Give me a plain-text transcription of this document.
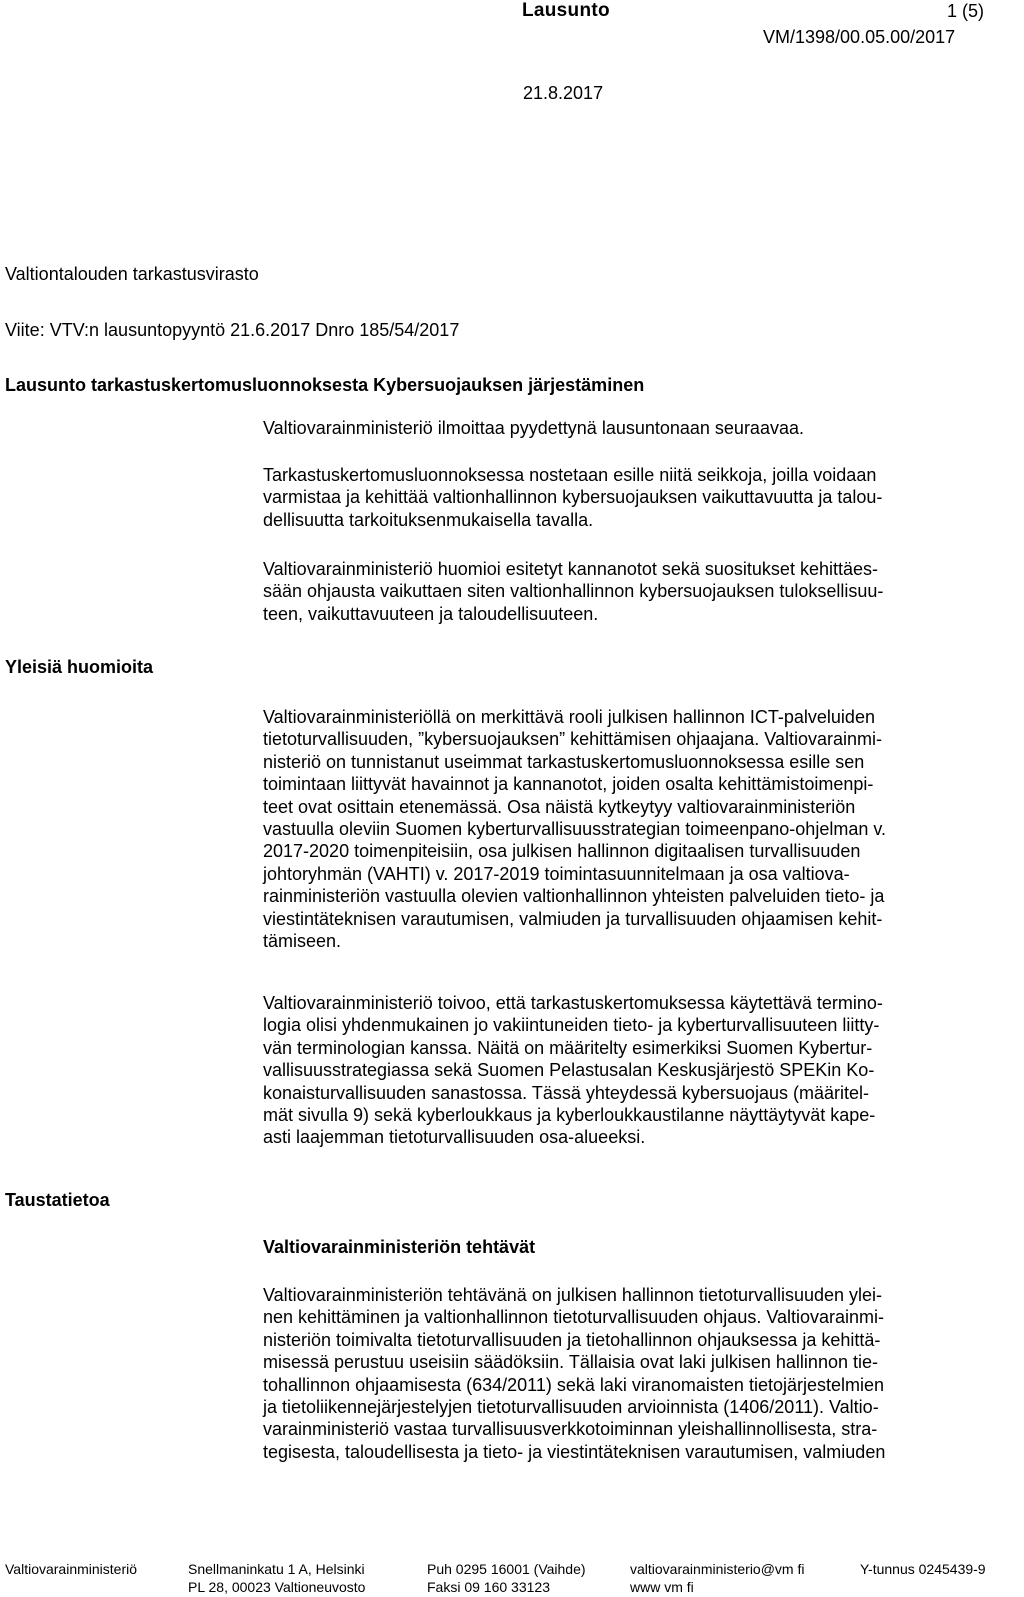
Lausunto	1 (5)
VM/1398/00.05.00/2017
21.8.2017
Valtiontalouden tarkastusvirasto
Viite: VTV:n lausuntopyyntö 21.6.2017 Dnro 185/54/2017
Lausunto tarkastuskertomusluonnoksesta Kybersuojauksen järjestäminen
Valtiovarainministeriö ilmoittaa pyydettynä lausuntonaan seuraavaa.
Tarkastuskertomusluonnoksessa nostetaan esille niitä seikkoja, joilla voidaan
varmistaa ja kehittää valtionhallinnon kybersuojauksen vaikuttavuutta ja talou-
dellisuutta tarkoituksenmukaisella tavalla.
Valtiovarainministeriö huomioi esitetyt kannanotot sekä suositukset kehittäes-
sään ohjausta vaikuttaen siten valtionhallinnon kybersuojauksen tuloksellisuu-
teen, vaikuttavuuteen ja taloudellisuuteen.
Yleisiä huomioita
Valtiovarainministeriöllä on merkittävä rooli julkisen hallinnon ICT-palveluiden
tietoturvallisuuden, ”kybersuojauksen” kehittämisen ohjaajana. Valtiovarainmi-
nisteriö on tunnistanut useimmat tarkastuskertomusluonnoksessa esille sen
toimintaan liittyvät havainnot ja kannanotot, joiden osalta kehittämistoimenpi-
teet ovat osittain etenemässä. Osa näistä kytkeytyy valtiovarainministeriön
vastuulla oleviin Suomen kyberturvallisuusstrategian toimeenpano-ohjelman v.
2017-2020 toimenpiteisiin, osa julkisen hallinnon digitaalisen turvallisuuden
johtoryhmän (VAHTI) v. 2017-2019 toimintasuunnitelmaan ja osa valtiova-
rainministeriön vastuulla olevien valtionhallinnon yhteisten palveluiden tieto- ja
viestintäteknisen varautumisen, valmiuden ja turvallisuuden ohjaamisen kehit-
tämiseen.
Valtiovarainministeriö toivoo, että tarkastuskertomuksessa käytettävä termino-
logia olisi yhdenmukainen jo vakiintuneiden tieto- ja kyberturvallisuuteen liitty-
vän terminologian kanssa. Näitä on määritelty esimerkiksi Suomen Kybertur-
vallisuusstrategiassa sekä Suomen Pelastusalan Keskusjärjestö SPEKin Ko-
konaisturvallisuuden sanastossa. Tässä yhteydessä kybersuojaus (määritel-
mät sivulla 9) sekä kyberloukkaus ja kyberloukkaustilanne näyttäytyvät kape-
asti laajemman tietoturvallisuuden osa-alueeksi.
Taustatietoa
Valtiovarainministeriön tehtävät
Valtiovarainministeriön tehtävänä on julkisen hallinnon tietoturvallisuuden ylei-
nen kehittäminen ja valtionhallinnon tietoturvallisuuden ohjaus. Valtiovarainmi-
nisteriön toimivalta tietoturvallisuuden ja tietohallinnon ohjauksessa ja kehittä-
misessä perustuu useisiin säädöksiin. Tällaisia ovat laki julkisen hallinnon tie-
tohallinnon ohjaamisesta (634/2011) sekä laki viranomaisten tietojärjestelmien
ja tietoliikennejärjestelyjen tietoturvallisuuden arvioinnista (1406/2011). Valtio-
varainministeriö vastaa turvallisuusverkkotoiminnan yleishallinnollisesta, stra-
tegisesta, taloudellisesta ja tieto- ja viestintäteknisen varautumisen, valmiuden
Valtiovarainministeriö	Snellmaninkatu 1 A, Helsinki
PL 28, 00023 Valtioneuvosto
Puh 0295 16001 (Vaihde)
Faksi 09 160 33123
valtiovarainministerio@vm fi
www vm fi
Y-tunnus 0245439-9
